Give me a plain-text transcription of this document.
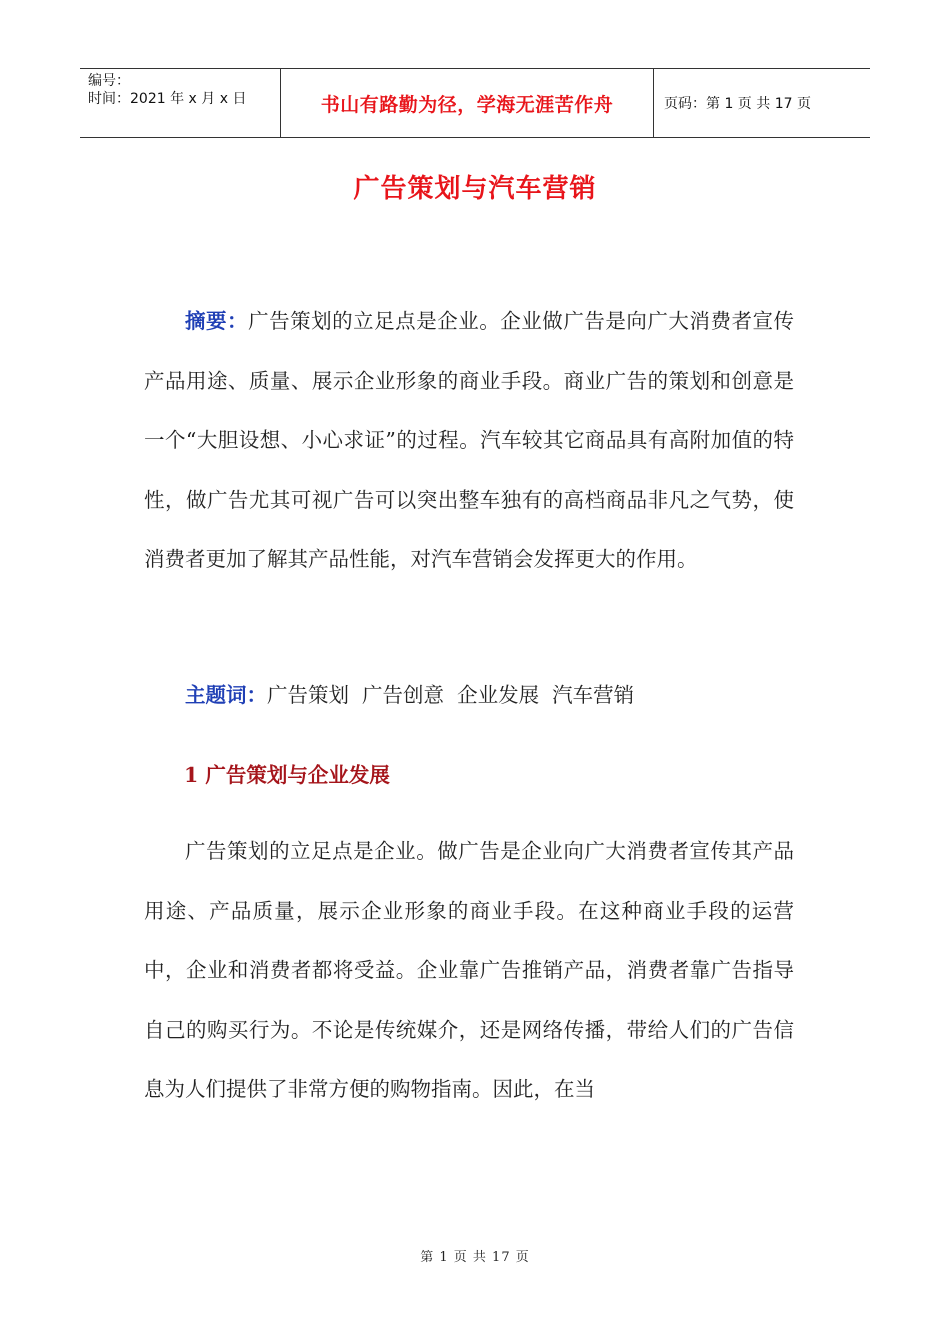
编号：
时间：2021 年 x 月 x 日	书山有路勤为径，学海无涯苦作舟	页码：第 1 页 共 17 页
广告策划与汽车营销

摘要：广告策划的立足点是企业。企业做广告是向广大消费者宣传产品用途、质量、展示企业形象的商业手段。商业广告的策划和创意是一个“大胆设想、小心求证”的过程。汽车较其它商品具有高附加值的特性，做广告尤其可视广告可以突出整车独有的高档商品非凡之气势，使消费者更加了解其产品性能，对汽车营销会发挥更大的作用。

主题词：广告策划  广告创意  企业发展  汽车营销

1 广告策划与企业发展

广告策划的立足点是企业。做广告是企业向广大消费者宣传其产品用途、产品质量，展示企业形象的商业手段。在这种商业手段的运营中，企业和消费者都将受益。企业靠广告推销产品，消费者靠广告指导自己的购买行为。不论是传统媒介，还是网络传播，带给人们的广告信息为人们提供了非常方便的购物指南。因此，在当

第 1 页 共 17 页
